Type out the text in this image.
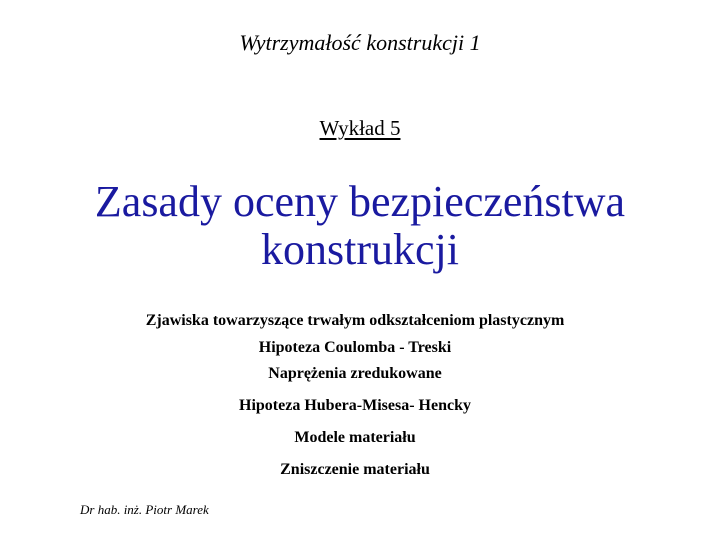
Wytrzymałość konstrukcji 1
Wykład 5
Zasady oceny bezpieczeństwa
konstrukcji
Zjawiska towarzyszące trwałym odkształceniom plastycznym
Hipoteza Coulomba - Treski
Naprężenia zredukowane
Hipoteza Hubera-Misesa- Hencky
Modele materiału
Zniszczenie materiału
Dr hab. inż. Piotr Marek
